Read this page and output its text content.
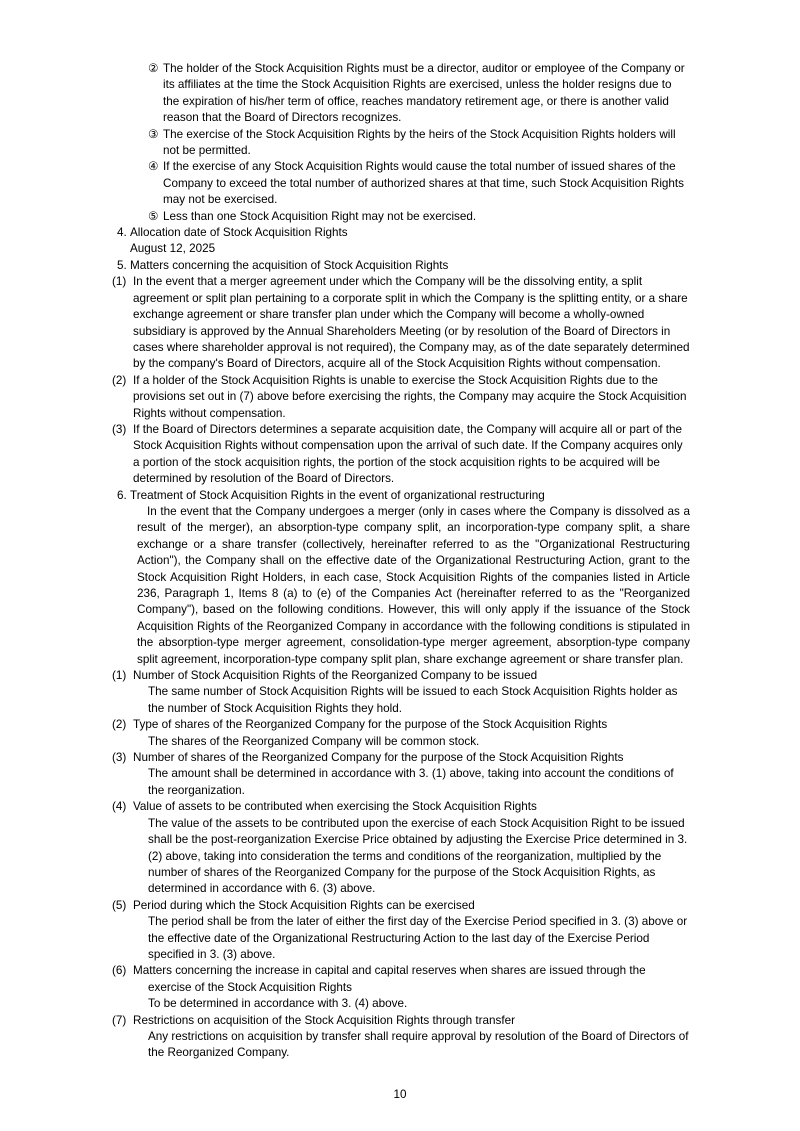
② The holder of the Stock Acquisition Rights must be a director, auditor or employee of the Company or its affiliates at the time the Stock Acquisition Rights are exercised, unless the holder resigns due to the expiration of his/her term of office, reaches mandatory retirement age, or there is another valid reason that the Board of Directors recognizes.
③ The exercise of the Stock Acquisition Rights by the heirs of the Stock Acquisition Rights holders will not be permitted.
④ If the exercise of any Stock Acquisition Rights would cause the total number of issued shares of the Company to exceed the total number of authorized shares at that time, such Stock Acquisition Rights may not be exercised.
⑤ Less than one Stock Acquisition Right may not be exercised.
4. Allocation date of Stock Acquisition Rights
August 12, 2025
5. Matters concerning the acquisition of Stock Acquisition Rights
(1) In the event that a merger agreement under which the Company will be the dissolving entity, a split agreement or split plan pertaining to a corporate split in which the Company is the splitting entity, or a share exchange agreement or share transfer plan under which the Company will become a wholly-owned subsidiary is approved by the Annual Shareholders Meeting (or by resolution of the Board of Directors in cases where shareholder approval is not required), the Company may, as of the date separately determined by the company's Board of Directors, acquire all of the Stock Acquisition Rights without compensation.
(2) If a holder of the Stock Acquisition Rights is unable to exercise the Stock Acquisition Rights due to the provisions set out in (7) above before exercising the rights, the Company may acquire the Stock Acquisition Rights without compensation.
(3) If the Board of Directors determines a separate acquisition date, the Company will acquire all or part of the Stock Acquisition Rights without compensation upon the arrival of such date. If the Company acquires only a portion of the stock acquisition rights, the portion of the stock acquisition rights to be acquired will be determined by resolution of the Board of Directors.
6. Treatment of Stock Acquisition Rights in the event of organizational restructuring
In the event that the Company undergoes a merger (only in cases where the Company is dissolved as a result of the merger), an absorption-type company split, an incorporation-type company split, a share exchange or a share transfer (collectively, hereinafter referred to as the "Organizational Restructuring Action"), the Company shall on the effective date of the Organizational Restructuring Action, grant to the Stock Acquisition Right Holders, in each case, Stock Acquisition Rights of the companies listed in Article 236, Paragraph 1, Items 8 (a) to (e) of the Companies Act (hereinafter referred to as the "Reorganized Company"), based on the following conditions. However, this will only apply if the issuance of the Stock Acquisition Rights of the Reorganized Company in accordance with the following conditions is stipulated in the absorption-type merger agreement, consolidation-type merger agreement, absorption-type company split agreement, incorporation-type company split plan, share exchange agreement or share transfer plan.
(1) Number of Stock Acquisition Rights of the Reorganized Company to be issued
The same number of Stock Acquisition Rights will be issued to each Stock Acquisition Rights holder as the number of Stock Acquisition Rights they hold.
(2) Type of shares of the Reorganized Company for the purpose of the Stock Acquisition Rights
The shares of the Reorganized Company will be common stock.
(3) Number of shares of the Reorganized Company for the purpose of the Stock Acquisition Rights
The amount shall be determined in accordance with 3. (1) above, taking into account the conditions of the reorganization.
(4) Value of assets to be contributed when exercising the Stock Acquisition Rights
The value of the assets to be contributed upon the exercise of each Stock Acquisition Right to be issued shall be the post-reorganization Exercise Price obtained by adjusting the Exercise Price determined in 3. (2) above, taking into consideration the terms and conditions of the reorganization, multiplied by the number of shares of the Reorganized Company for the purpose of the Stock Acquisition Rights, as determined in accordance with 6. (3) above.
(5) Period during which the Stock Acquisition Rights can be exercised
The period shall be from the later of either the first day of the Exercise Period specified in 3. (3) above or the effective date of the Organizational Restructuring Action to the last day of the Exercise Period specified in 3. (3) above.
(6) Matters concerning the increase in capital and capital reserves when shares are issued through the exercise of the Stock Acquisition Rights
To be determined in accordance with 3. (4) above.
(7) Restrictions on acquisition of the Stock Acquisition Rights through transfer
Any restrictions on acquisition by transfer shall require approval by resolution of the Board of Directors of the Reorganized Company.
10
